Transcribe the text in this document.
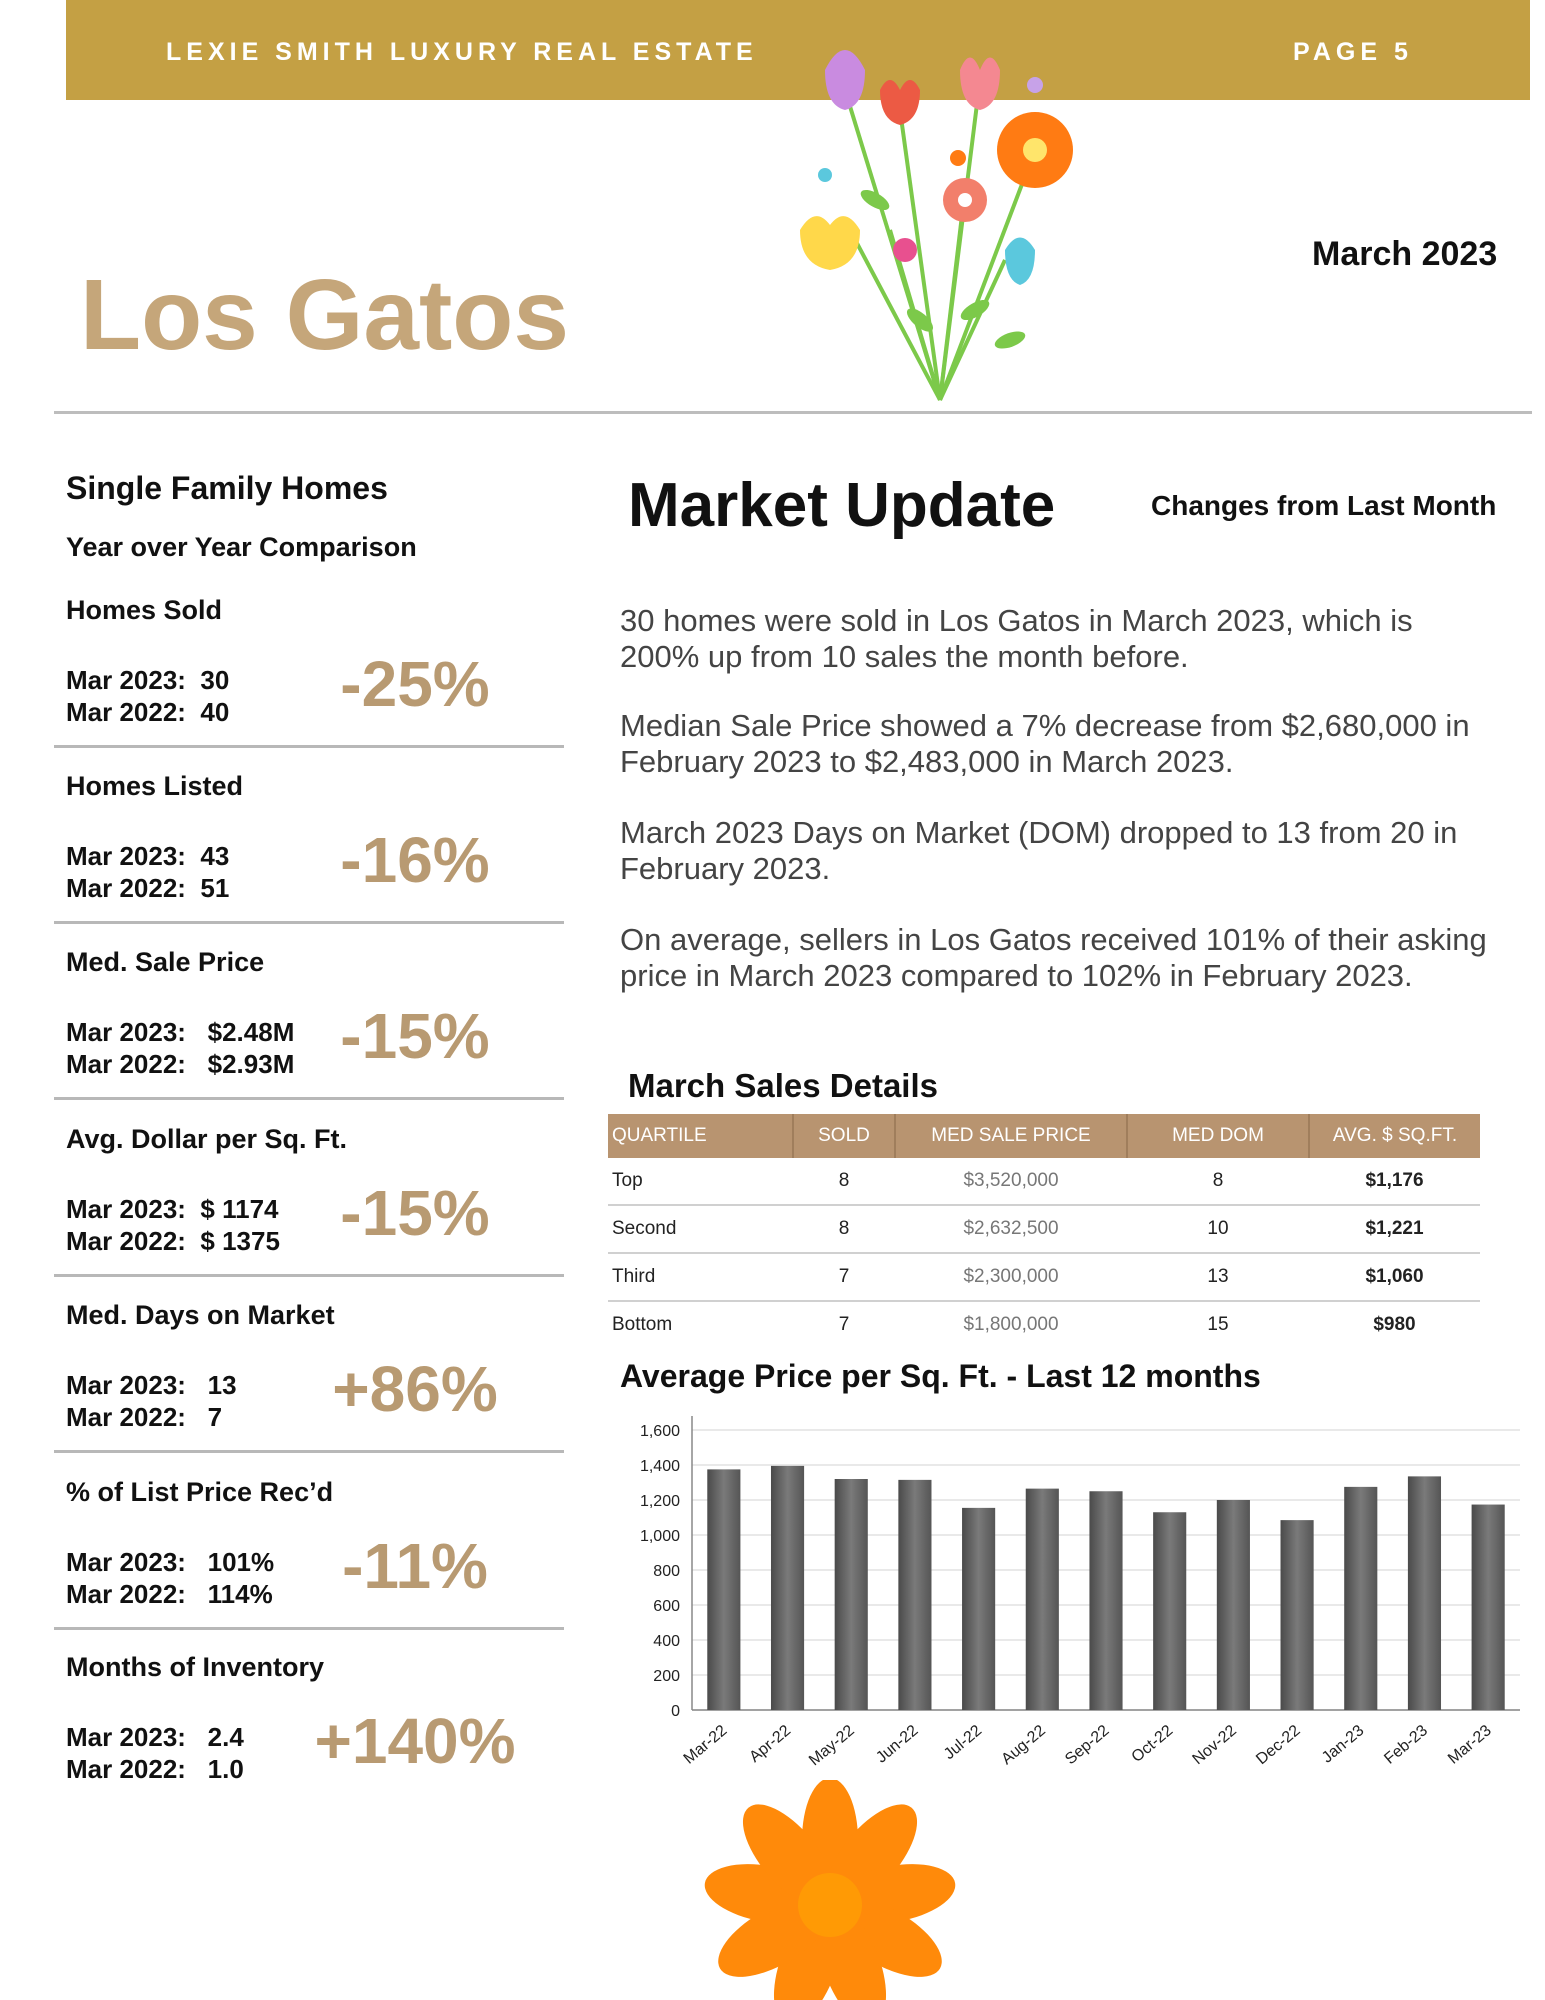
LEXIE SMITH LUXURY REAL ESTATE	PAGE 5
Los Gatos
March 2023
Single Family Homes
Year over Year Comparison
Homes Sold
Mar 2023:  30
Mar 2022:  40	-25%
Homes Listed
Mar 2023:  43
Mar 2022:  51	-16%
Med. Sale Price
Mar 2023:   $2.48M
Mar 2022:   $2.93M -15%
Avg. Dollar per Sq. Ft.
Mar 2023:  $ 1174
Mar 2022:  $ 1375 -15%
Med. Days on Market
Mar 2023:   13
Mar 2022:   7	+86%
% of List Price Rec’d
Mar 2023:   101%
Mar 2022:   114%	-11%
Months of Inventory
Mar 2023:   2.4
Mar 2022:   1.0	+140%
Market Update	Changes from Last Month
30 homes were sold in Los Gatos in March 2023, which is 200% up from 10 sales the month before.
Median Sale Price showed a 7% decrease from $2,680,000 in February 2023 to $2,483,000 in March 2023.
March 2023 Days on Market (DOM) dropped to 13 from 20 in February 2023.
On average, sellers in Los Gatos received 101% of their asking price in March 2023 compared to 102% in February 2023.
March Sales Details
QUARTILE	SOLD	MED SALE PRICE	MED DOM	AVG. $ SQ.FT.
Top	8	$3,520,000	8	$1,176
Second	8	$2,632,500	10	$1,221
Third	7	$2,300,000	13	$1,060
Bottom	7	$1,800,000	15	$980
Average Price per Sq. Ft. - Last 12 months
0
200
400
600
800
1,000
1,200
1,400
1,600
Mar-22 Apr-22 May-22 Jun-22 Jul-22 Aug-22 Sep-22 Oct-22 Nov-22 Dec-22 Jan-23 Feb-23 Mar-23
